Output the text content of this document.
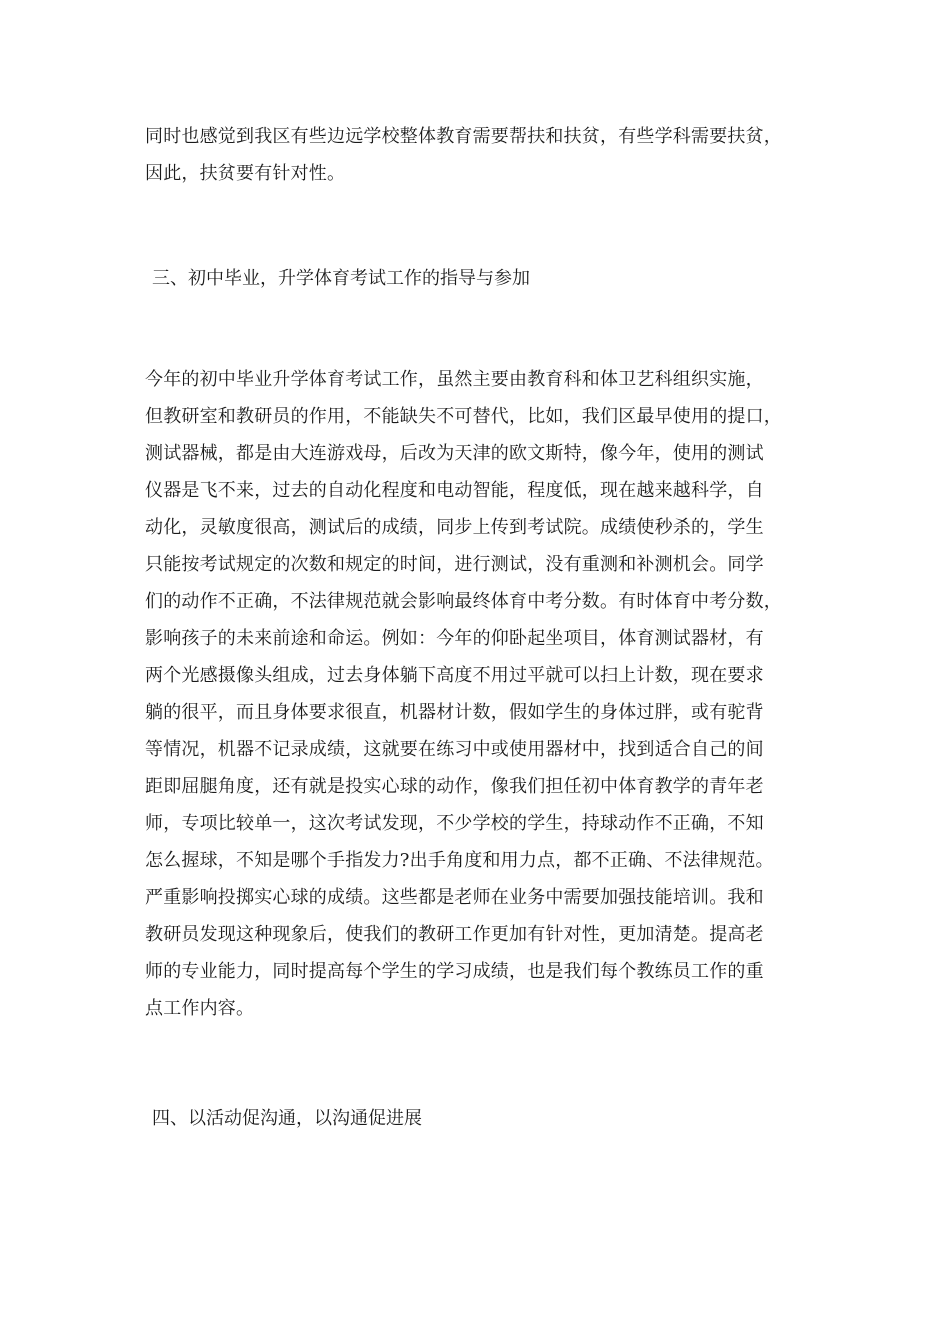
同时也感觉到我区有些边远学校整体教育需要帮扶和扶贫，有些学科需要扶贫，
因此，扶贫要有针对性。
三、初中毕业，升学体育考试工作的指导与参加
今年的初中毕业升学体育考试工作，虽然主要由教育科和体卫艺科组织实施，
但教研室和教研员的作用，不能缺失不可替代，比如，我们区最早使用的提口，
测试器械，都是由大连游戏母，后改为天津的欧文斯特，像今年，使用的测试
仪器是飞不来，过去的自动化程度和电动智能，程度低，现在越来越科学，自
动化，灵敏度很高，测试后的成绩，同步上传到考试院。成绩使秒杀的，学生
只能按考试规定的次数和规定的时间，进行测试，没有重测和补测机会。同学
们的动作不正确，不法律规范就会影响最终体育中考分数。有时体育中考分数，
影响孩子的未来前途和命运。例如：今年的仰卧起坐项目，体育测试器材，有
两个光感摄像头组成，过去身体躺下高度不用过平就可以扫上计数，现在要求
躺的很平，而且身体要求很直，机器材计数，假如学生的身体过胖，或有驼背
等情况，机器不记录成绩，这就要在练习中或使用器材中，找到适合自己的间
距即屈腿角度，还有就是投实心球的动作，像我们担任初中体育教学的青年老
师，专项比较单一，这次考试发现，不少学校的学生，持球动作不正确，不知
怎么握球，不知是哪个手指发力?出手角度和用力点，都不正确、不法律规范。
严重影响投掷实心球的成绩。这些都是老师在业务中需要加强技能培训。我和
教研员发现这种现象后，使我们的教研工作更加有针对性，更加清楚。提高老
师的专业能力，同时提高每个学生的学习成绩，也是我们每个教练员工作的重
点工作内容。
四、以活动促沟通，以沟通促进展
